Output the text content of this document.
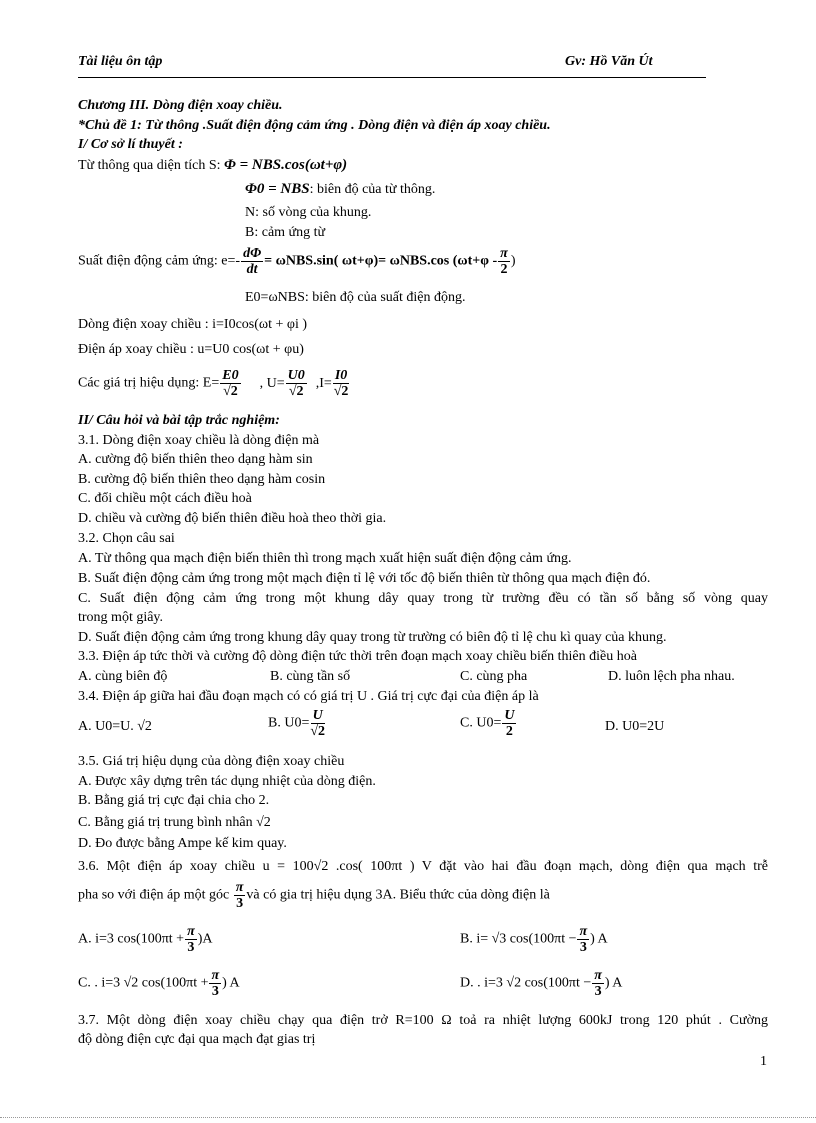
Tài liệu ôn tập	Gv: Hồ Văn Út
Chương III. Dòng điện xoay chiều.
*Chủ đề 1: Từ thông .Suất điện động cảm ứng . Dòng điện và điện áp xoay chiều.
I/ Cơ sở lí thuyết :
Từ thông qua diện tích S: Φ = NBS.cos(ωt+φ)
Φ0 = NBS: biên độ của từ thông.
N: số vòng của khung.
B: cảm ứng từ
Suất điện động cảm ứng: $e=- \frac{d\Phi}{dt} = \omega NBS.\sin$( ωt+φ)= ωNBS.cos ($\omega t+\varphi - \frac{\pi}{2}$ )
E0=ωNBS: biên độ của suất điện động.
Dòng điện xoay chiều : i=I0cos(ωt + φi )
Điện áp xoay chiều : u=U0 cos(ωt + φu)
Các giá trị hiệu dụng: $E= \frac{E0}{√2}$ , $U= \frac{U0}{√2} ,I= \frac{I0}{√2}$
II/ Câu hỏi và bài tập trắc nghiệm:
3.1. Dòng điện xoay chiều là dòng điện mà
A. cường độ biến thiên theo dạng hàm sin
B. cường độ biến thiên theo dạng hàm cosin
C. đổi chiều một cách điều hoà
D. chiều và cường độ biến thiên điều hoà theo thời gia.
3.2. Chọn câu sai
A. Từ thông qua mạch điện biến thiên thì trong mạch xuất hiện suất điện động cảm ứng.
B. Suất điện động cảm ứng trong một mạch điện tỉ lệ với tốc độ biến thiên từ thông qua mạch điện đó.
C. Suất điện động cảm ứng trong một khung dây quay trong từ trường đều có tần số bằng số vòng quay
trong một giây.
D. Suất điện động cảm ứng trong khung dây quay trong từ trường có biên độ tỉ lệ chu kì quay của khung.
3.3. Điện áp tức thời và cường độ dòng điện tức thời trên đoạn mạch xoay chiều biến thiên điều hoà
A. cùng biên độ	B. cùng tần số	C. cùng pha	D. luôn lệch pha nhau.
3.4. Điện áp giữa hai đầu đoạn mạch có có giá trị U . Giá trị cực đại của điện áp là
A. U0=U. √2	B. $U0= \frac{U}{√2}$	C. $U0= \frac{U}{2}$	D. U0=2U
3.5. Giá trị hiệu dụng của dòng điện xoay chiều
A. Được xây dựng trên tác dụng nhiệt của dòng điện.
B. Bằng giá trị cực đại chia cho 2.
C. Bằng giá trị trung bình nhân √2
D. Đo được bằng Ampe kế kim quay.
3.6. Một điện áp xoay chiều u = 100√2 .cos( 100πt ) V đặt vào hai đầu đoạn mạch, dòng điện qua mạch trễ
pha so với điện áp một góc $\frac{\pi}{3}$ và có gia trị hiệu dụng 3A. Biểu thức của dòng điện là
A. i=3 $\cos(100\pi t + \frac{\pi}{3} )A$	B. i= √3 $\cos(100\pi t - \frac{\pi}{3}$ ) A
C. . i=3 √2 $\cos(100\pi t + \frac{\pi}{3}$ ) A	D. . i=3 √2 $\cos(100\pi t - \frac{\pi}{3}$ ) A
3.7. Một dòng điện xoay chiều chạy qua điện trở R=100 Ω toả ra nhiệt lượng 600kJ trong 120 phút . Cường
độ dòng điện cực đại qua mạch đạt gias trị
1
